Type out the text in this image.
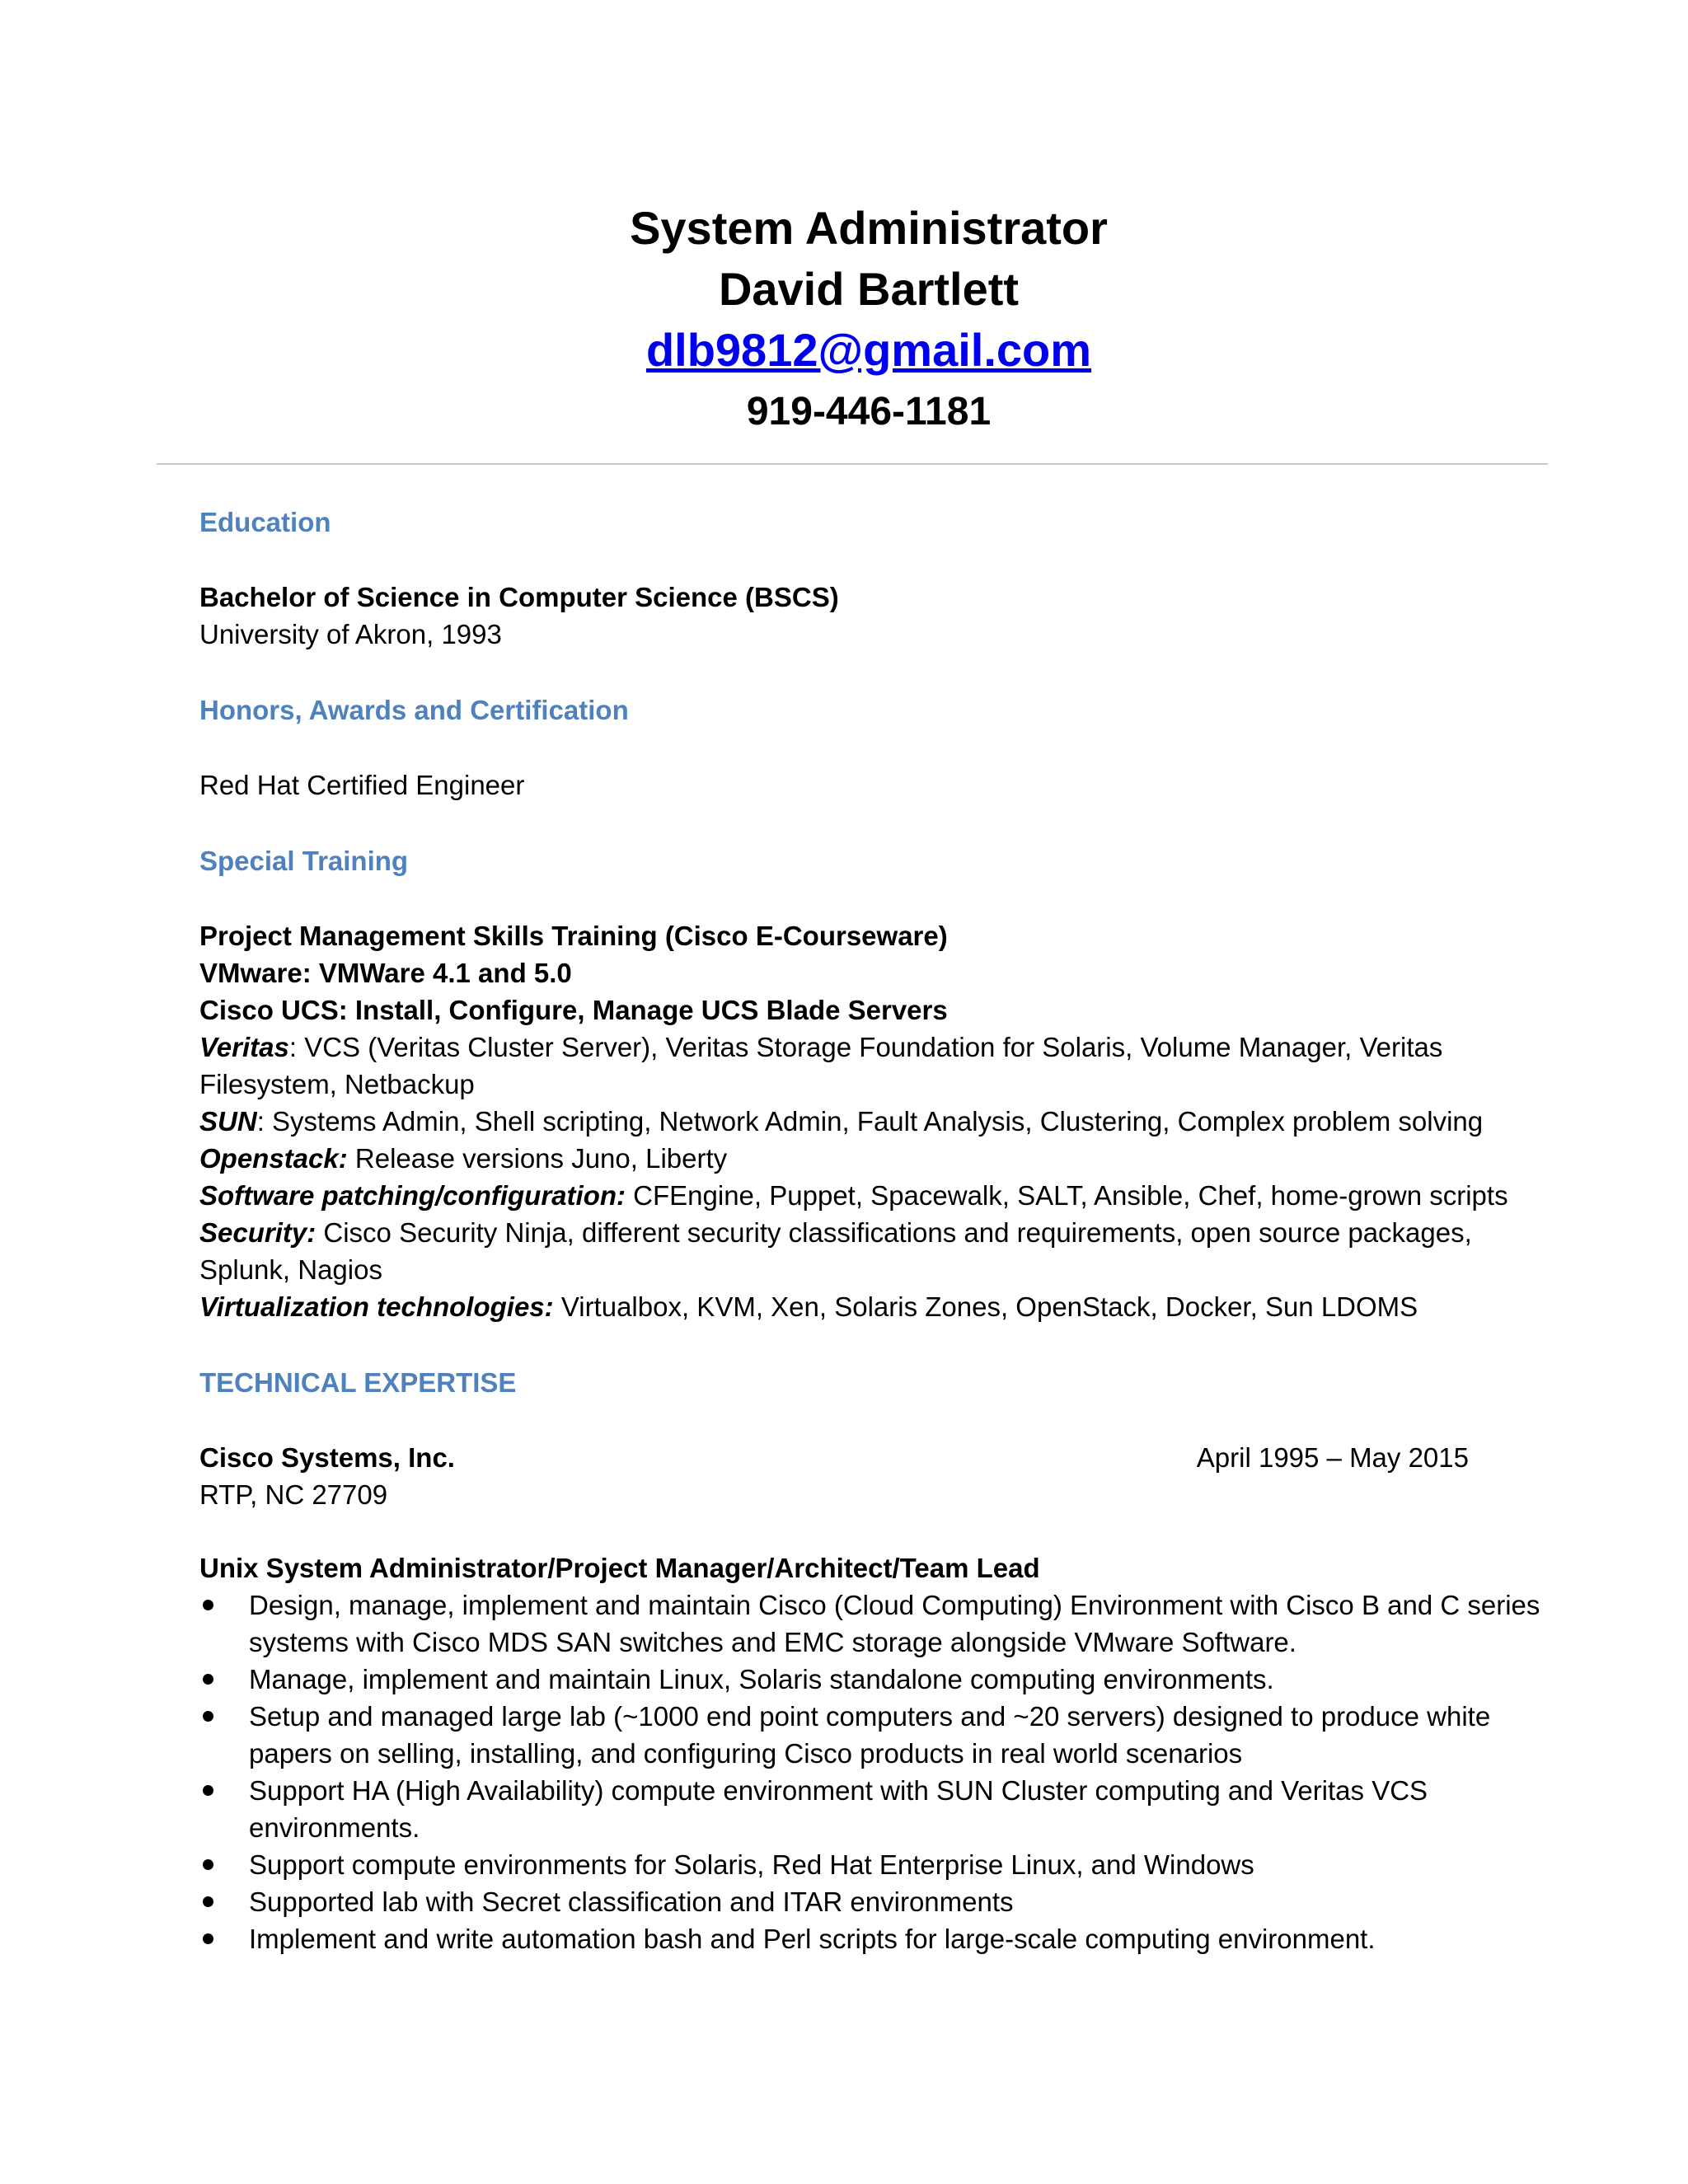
System Administrator
David Bartlett
dlb9812@gmail.com
919-446-1181

Education

Bachelor of Science in Computer Science (BSCS)

University of Akron, 1993

Honors, Awards and Certification

Red Hat Certified Engineer

Special Training

Project Management Skills Training (Cisco E-Courseware)

VMware: VMWare 4.1 and 5.0

Cisco UCS: Install, Configure, Manage UCS Blade Servers

Veritas: VCS (Veritas Cluster Server), Veritas Storage Foundation for Solaris, Volume Manager, Veritas Filesystem, Netbackup

SUN: Systems Admin, Shell scripting, Network Admin, Fault Analysis, Clustering, Complex problem solving

Openstack: Release versions Juno, Liberty

Software patching/configuration: CFEngine, Puppet, Spacewalk, SALT, Ansible, Chef, home-grown scripts

Security: Cisco Security Ninja, different security classifications and requirements, open source packages, Splunk, Nagios

Virtualization technologies: Virtualbox, KVM, Xen, Solaris Zones, OpenStack, Docker, Sun LDOMS

TECHNICAL EXPERTISE

Cisco Systems, Inc.	April 1995 – May 2015

RTP, NC 27709

Unix System Administrator/Project Manager/Architect/Team Lead

Design, manage, implement and maintain Cisco (Cloud Computing) Environment with Cisco B and C series systems with Cisco MDS SAN switches and EMC storage alongside VMware Software.
Manage, implement and maintain Linux, Solaris standalone computing environments.
Setup and managed large lab (~1000 end point computers and ~20 servers) designed to produce white papers on selling, installing, and configuring Cisco products in real world scenarios
Support HA (High Availability) compute environment with SUN Cluster computing and Veritas VCS environments.
Support compute environments for Solaris, Red Hat Enterprise Linux, and Windows
Supported lab with Secret classification and ITAR environments
Implement and write automation bash and Perl scripts for large-scale computing environment.
